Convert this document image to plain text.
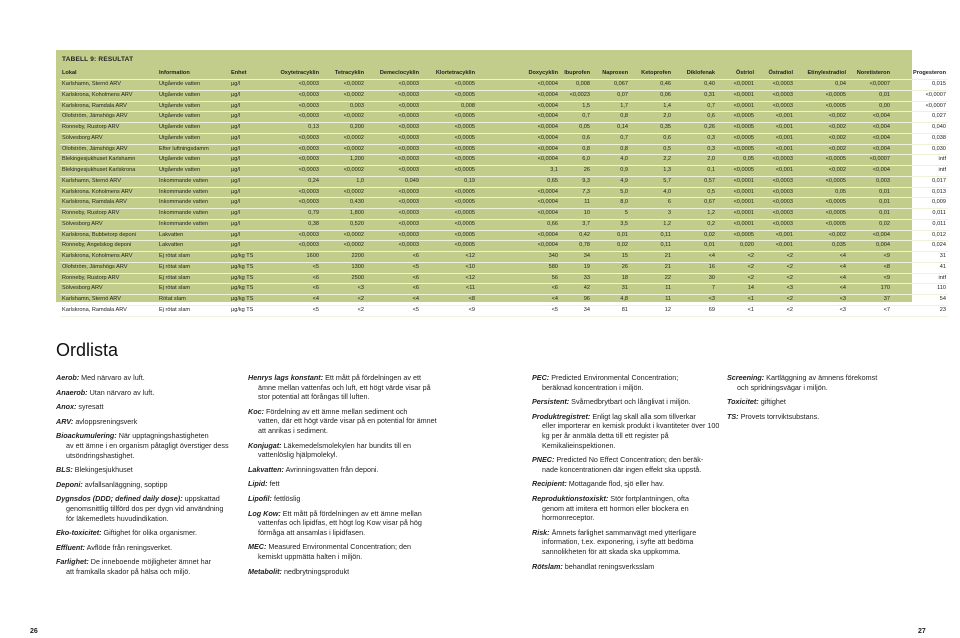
TABELL 9: RESULTAT
Lokal	Information	Enhet	Oxytetracyklin	Tetracyklin	Demeclocyklin	Klortetracyklin	Doxycyklin	Ibuprofen	Naproxen	Ketoprofen	Diklofenak	Östriol	Östradiol	Etinylestradiol	Noretisteron	Progesteron
Karlshamn, Sternö ARV	Utgående vatten	µg/l	<0,0003	<0,0002	<0,0003	<0,0005	<0,0004	0,008	0,067	0,46	0,40	<0,0001	<0,0003	0,04	<0,0007	0,015
Karlskrona, Koholmens ARV	Utgående vatten	µg/l	<0,0003	<0,0002	<0,0003	<0,0005	<0,0004	<0,0023	0,07	0,06	0,31	<0,0001	<0,0003	<0,0005	0,01	<0,0007
Karlskrona, Ramdala ARV	Utgående vatten	µg/l	<0,0003	0,003	<0,0003	0,008	<0,0004	1,5	1,7	1,4	0,7	<0,0001	<0,0003	<0,0005	0,00	<0,0007
Olofström, Jämshögs ARV	Utgående vatten	µg/l	<0,0003	<0,0002	<0,0003	<0,0005	<0,0004	0,7	0,8	2,0	0,6	<0,0005	<0,001	<0,002	<0,004	0,027
Ronneby, Rustorp ARV	Utgående vatten	µg/l	0,13	0,200	<0,0003	<0,0005	<0,0004	0,05	0,14	0,35	0,26	<0,0005	<0,001	<0,002	<0,004	0,040
Sölvesborg ARV	Utgående vatten	µg/l	<0,0003	<0,0002	<0,0003	<0,0005	<0,0004	0,6	0,7	0,6	0,3	<0,0005	<0,001	<0,002	<0,004	0,038
Olofström, Jämshögs ARV	Efter luftningsdamm	µg/l	<0,0003	<0,0002	<0,0003	<0,0005	<0,0004	0,8	0,8	0,5	0,3	<0,0005	<0,001	<0,002	<0,004	0,030
Blekingesjukhuset Karlshamn	Utgående vatten	µg/l	<0,0003	1,200	<0,0003	<0,0005	<0,0004	6,0	4,0	2,2	2,0	0,05	<0,0003	<0,0005	<0,0007	intf
Blekingesjukhuset Karlskrona	Utgående vatten	µg/l	<0,0003	<0,0002	<0,0003	<0,0005	3,1	26	0,9	1,3	0,1	<0,0005	<0,001	<0,002	<0,004	intf
Karlshamn, Sternö ARV	Inkommande vatten	µg/l	0,24	1,0	0,049	0,19	0,65	9,3	4,9	5,7	0,57	<0,0001	<0,0003	<0,0005	0,003	0,017
Karlskrona. Koholmens ARV	Inkommande vatten	µg/l	<0,0003	<0,0002	<0,0003	<0,0005	<0,0004	7,3	5,0	4,0	0,5	<0,0001	<0,0003	0,05	0,01	0,013
Karlskrona, Ramdala ARV	Inkommande vatten	µg/l	<0,0003	0,430	<0,0003	<0,0005	<0,0004	11	8,0	6	0,67	<0,0001	<0,0003	<0,0005	0,01	0,009
Ronneby, Rustorp ARV	Inkommande vatten	µg/l	0,79	1,800	<0,0003	<0,0005	<0,0004	10	5	3	1,2	<0,0001	<0,0003	<0,0005	0,01	0,011
Sölvesborg ARV	Inkommande vatten	µg/l	0,38	0,520	<0,0003	<0,0005	0,66	3,7	3,5	1,2	0,2	<0,0001	<0,0003	<0,0005	0,02	0,011
Karlskrona, Bubbetorp deponi	Lakvatten	µg/l	<0,0003	<0,0002	<0,0003	<0,0005	<0,0004	0,42	0,01	0,11	0,02	<0,0005	<0,001	<0,002	<0,004	0,012
Ronneby, Angelskog deponi	Lakvatten	µg/l	<0,0003	<0,0002	<0,0003	<0,0005	<0,0004	0,78	0,02	0,11	0,01	0,020	<0,001	0,035	0,004	0,024
Karlskrona, Koholmens ARV	Ej rötat slam	µg/kg TS	1600	2200	<6	<12	340	34	15	21	<4	<2	<2	<4	<9	31
Olofström, Jämshögs ARV	Ej rötat slam	µg/kg TS	<5	1300	<5	<10	580	19	26	21	16	<2	<2	<4	<8	41
Ronneby, Rustorp ARV	Ej rötat slam	µg/kg TS	<6	2500	<6	<12	56	33	18	22	30	<2	<2	<4	<9	intf
Sölvesborg ARV	Ej rötat slam	µg/kg TS	<6	<3	<6	<11	<6	42	31	11	7	14	<3	<4	170	110
Karlshamn, Sternö ARV	Rötat slam	µg/kg TS	<4	<2	<4	<8	<4	96	4,8	11	<3	<1	<2	<3	37	54
Karlskrona, Ramdala ARV	Ej rötat slam	µg/kg TS	<5	<2	<5	<9	<5	34	81	12	69	<1	<2	<3	<7	23
Ordlista

Aerob: Med närvaro av luft.

Anaerob: Utan närvaro av luft.

Anox: syresatt

ARV: avloppsreningsverk

Bioackumulering: När upptagningshastigheten
av ett ämne i en organism påtagligt överstiger dess utsöndringshastighet.

BLS: Blekingesjukhuset

Deponi: avfallsanläggning, soptipp

Dygnsdos (DDD; defined daily dose): uppskattad
genomsnittlig tillförd dos per dygn vid användning för läkemedlets huvudindikation.

Eko-toxicitet: Giftighet för olika organismer.

Effluent: Avflöde från reningsverket.

Farlighet: De inneboende möjligheter ämnet har
att framkalla skador på hälsa och miljö.

Henrys lags konstant: Ett mått på fördelningen av ett
ämne mellan vattenfas och luft, ett högt värde visar på stor potential att förångas till luften.

Koc: Fördelning av ett ämne mellan sediment och
vatten, där ett högt värde visar på en potential för ämnet att anrikas i sediment.

Konjugat: Läkemedelsmolekylen har bundits till en
vattenlöslig hjälpmolekyl.

Lakvatten: Avrinningsvatten från deponi.

Lipid: fett

Lipofil: fettlöslig

Log Kow: Ett mått på fördelningen av ett ämne mellan
vattenfas och lipidfas, ett högt log Kow visar på hög förmåga att ansamlas i lipidfasen.

MEC: Measured Environmental Concentration; den
kemiskt uppmätta halten i miljön.

Metabolit: nedbrytningsprodukt

PEC: Predicted Environmental Concentration;
beräknad koncentration i miljön.

Persistent: Svårnedbrytbart och långlivat i miljön.

Produktregistret: Enligt lag skall alla som tillverkar
eller importerar en kemisk produkt i kvantiteter över 100 kg per år anmäla detta till ett register på Kemikalieinspektionen.

PNEC: Predicted No Effect Concentration; den beräk-
nade koncentrationen där ingen effekt ska uppstå.

Recipient: Mottagande flod, sjö eller hav.

Reproduktionstoxiskt: Stör fortplantningen, ofta
genom att imitera ett hormon eller blockera en hormonreceptor.

Risk: Ämnets farlighet sammanvägt med ytterligare
information, t.ex. exponering, i syfte att bedöma sannolikheten för att skada ska uppkomma.

Rötslam: behandlat reningsverksslam

Screening: Kartläggning av ämnens förekomst
och spridningsvägar i miljön.

Toxicitet: giftighet

TS: Provets torrviktsubstans.

26	27
